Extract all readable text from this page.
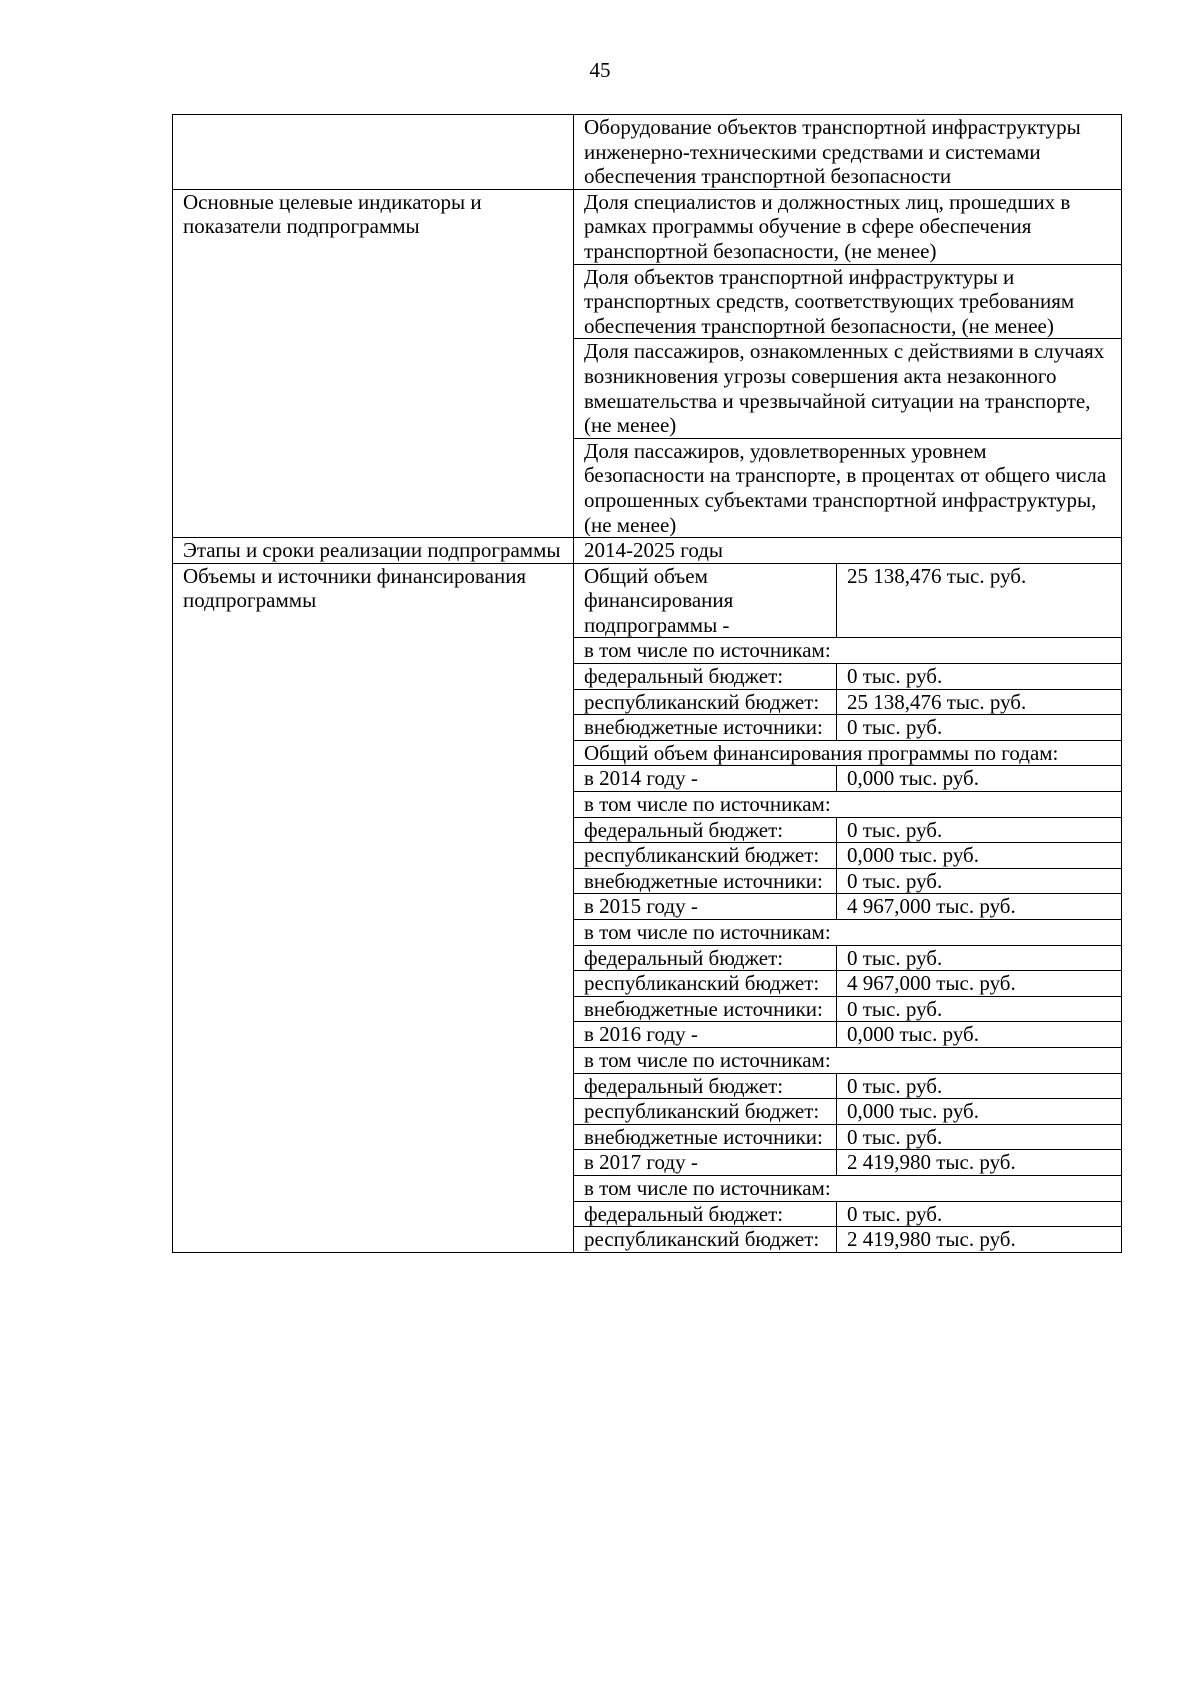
45
	Оборудование объектов транспортной инфраструктуры инженерно-техническими средствами и системами обеспечения транспортной безопасности	
Основные целевые индикаторы и показатели подпрограммы	Доля специалистов и должностных лиц, прошедших в рамках программы обучение в сфере обеспечения транспортной безопасности, (не менее)	
	Доля объектов транспортной инфраструктуры и транспортных средств, соответствующих требованиям обеспечения транспортной безопасности, (не менее)	
	Доля пассажиров, ознакомленных с действиями в случаях возникновения угрозы совершения акта незаконного вмешательства и чрезвычайной ситуации на транспорте, (не менее)	
	Доля пассажиров, удовлетворенных уровнем безопасности на транспорте, в процентах от общего числа опрошенных субъектами транспортной инфраструктуры, (не менее)	
Этапы и сроки реализации подпрограммы	2014-2025 годы	
Объемы и источники финансирования подпрограммы	Общий объем финансирования подпрограммы -	25 138,476 тыс. руб.
	в том числе по источникам:	
	федеральный бюджет:	0 тыс. руб.
	республиканский бюджет:	25 138,476 тыс. руб.
	внебюджетные источники:	0 тыс. руб.
	Общий объем финансирования программы по годам:	
	в 2014 году -	0,000 тыс. руб.
	в том числе по источникам:	
	федеральный бюджет:	0 тыс. руб.
	республиканский бюджет:	0,000 тыс. руб.
	внебюджетные источники:	0 тыс. руб.
	в 2015 году -	4 967,000 тыс. руб.
	в том числе по источникам:	
	федеральный бюджет:	0 тыс. руб.
	республиканский бюджет:	4 967,000 тыс. руб.
	внебюджетные источники:	0 тыс. руб.
	в 2016 году -	0,000 тыс. руб.
	в том числе по источникам:	
	федеральный бюджет:	0 тыс. руб.
	республиканский бюджет:	0,000 тыс. руб.
	внебюджетные источники:	0 тыс. руб.
	в 2017 году -	2 419,980 тыс. руб.
	в том числе по источникам:	
	федеральный бюджет:	0 тыс. руб.
	республиканский бюджет:	2 419,980 тыс. руб.
